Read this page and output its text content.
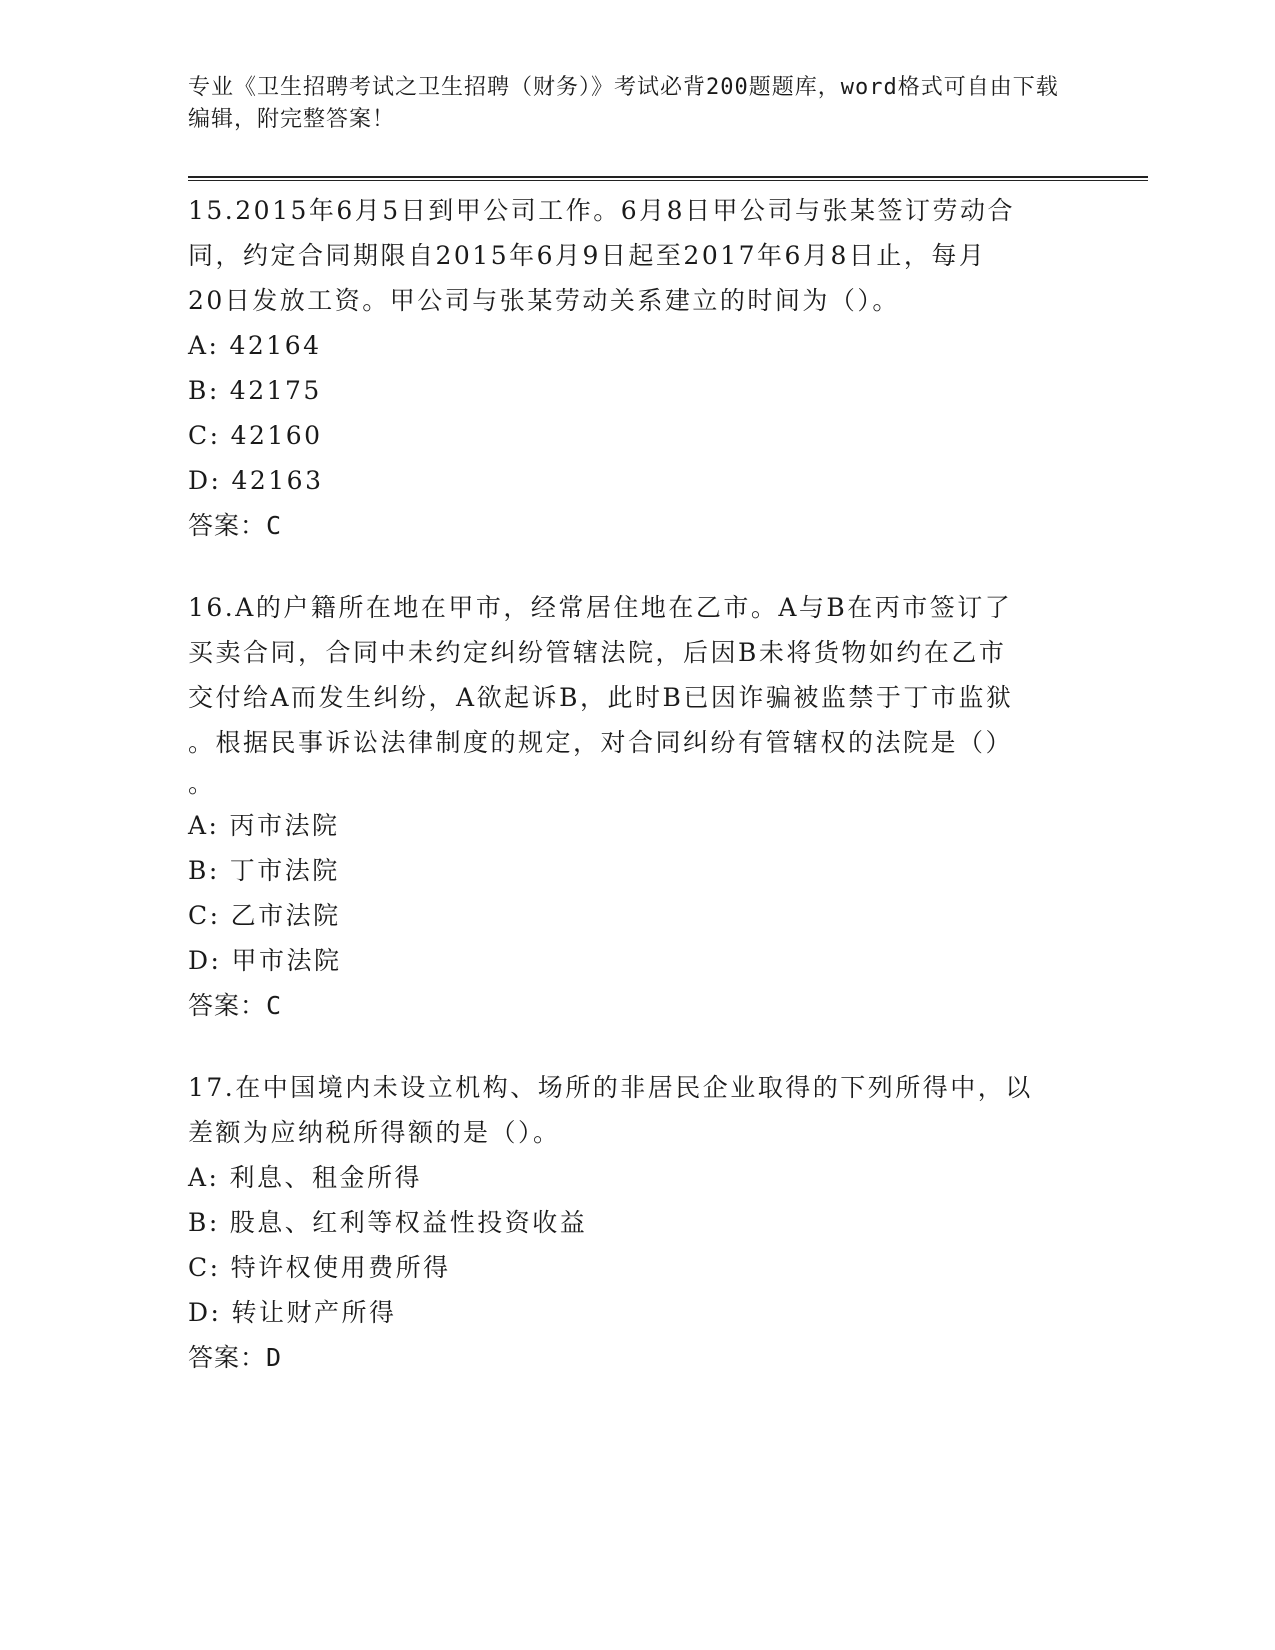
专业《卫生招聘考试之卫生招聘（财务）》考试必背200题题库，word格式可自由下载编辑，附完整答案！
15.2015年6月5日到甲公司工作。6月8日甲公司与张某签订劳动合
同，约定合同期限自2015年6月9日起至2017年6月8日止，每月
20日发放工资。甲公司与张某劳动关系建立的时间为（）。
A: 42164
B: 42175
C: 42160
D: 42163
答案：C
16.A的户籍所在地在甲市，经常居住地在乙市。A与B在丙市签订了
买卖合同，合同中未约定纠纷管辖法院，后因B未将货物如约在乙市
交付给A而发生纠纷，A欲起诉B，此时B已因诈骗被监禁于丁市监狱
。根据民事诉讼法律制度的规定，对合同纠纷有管辖权的法院是（）
。
A: 丙市法院
B: 丁市法院
C: 乙市法院
D: 甲市法院
答案：C
17.在中国境内未设立机构、场所的非居民企业取得的下列所得中，以
差额为应纳税所得额的是（）。
A: 利息、租金所得
B: 股息、红利等权益性投资收益
C: 特许权使用费所得
D: 转让财产所得
答案：D
